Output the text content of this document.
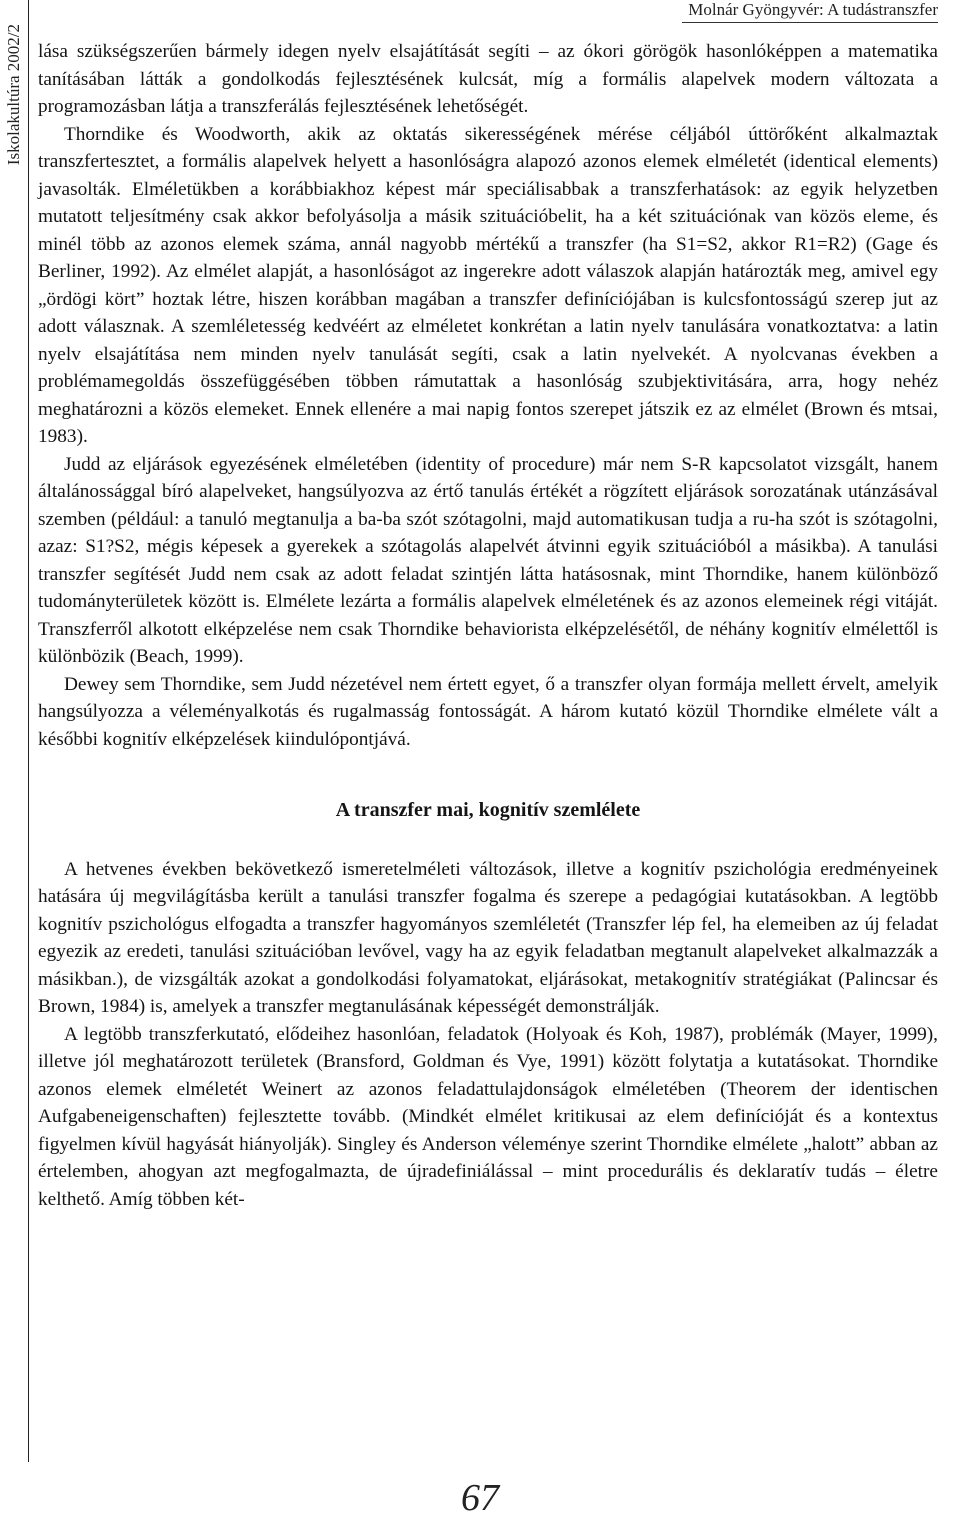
Iskolakultúra 2002/2
Molnár Gyöngyvér: A tudástranszfer

lása szükségszerűen bármely idegen nyelv elsajátítását segíti – az ókori görögök hasonlóképpen a matematika tanításában látták a gondolkodás fejlesztésének kulcsát, míg a formális alapelvek modern változata a programozásban látja a transzferálás fejlesztésének lehetőségét.

Thorndike és Woodworth, akik az oktatás sikerességének mérése céljából úttörőként alkalmaztak transzfertesztet, a formális alapelvek helyett a hasonlóságra alapozó azonos elemek elméletét (identical elements) javasolták. Elméletükben a korábbiakhoz képest már speciálisabbak a transzferhatások: az egyik helyzetben mutatott teljesítmény csak akkor befolyásolja a másik szituációbelit, ha a két szituációnak van közös eleme, és minél több az azonos elemek száma, annál nagyobb mértékű a transzfer (ha S1=S2, akkor R1=R2) (Gage és Berliner, 1992). Az elmélet alapját, a hasonlóságot az ingerekre adott válaszok alapján határozták meg, amivel egy „ördögi kört” hoztak létre, hiszen korábban magában a transzfer definíciójában is kulcsfontosságú szerep jut az adott válasznak. A szemléletesség kedvéért az elméletet konkrétan a latin nyelv tanulására vonatkoztatva: a latin nyelv elsajátítása nem minden nyelv tanulását segíti, csak a latin nyelvekét. A nyolcvanas években a problémamegoldás összefüggésében többen rámutattak a hasonlóság szubjektivitására, arra, hogy nehéz meghatározni a közös elemeket. Ennek ellenére a mai napig fontos szerepet játszik ez az elmélet (Brown és mtsai, 1983).

Judd az eljárások egyezésének elméletében (identity of procedure) már nem S-R kapcsolatot vizsgált, hanem általánossággal bíró alapelveket, hangsúlyozva az értő tanulás értékét a rögzített eljárások sorozatának utánzásával szemben (például: a tanuló megtanulja a ba-ba szót szótagolni, majd automatikusan tudja a ru-ha szót is szótagolni, azaz: S1?S2, mégis képesek a gyerekek a szótagolás alapelvét átvinni egyik szituációból a másikba). A tanulási transzfer segítését Judd nem csak az adott feladat szintjén látta hatásosnak, mint Thorndike, hanem különböző tudományterületek között is. Elmélete lezárta a formális alapelvek elméletének és az azonos elemeinek régi vitáját. Transzferről alkotott elképzelése nem csak Thorndike behaviorista elképzelésétől, de néhány kognitív elmélettől is különbözik (Beach, 1999).

Dewey sem Thorndike, sem Judd nézetével nem értett egyet, ő a transzfer olyan formája mellett érvelt, amelyik hangsúlyozza a véleményalkotás és rugalmasság fontosságát. A három kutató közül Thorndike elmélete vált a későbbi kognitív elképzelések kiindulópontjává.

A transzfer mai, kognitív szemlélete

A hetvenes években bekövetkező ismeretelméleti változások, illetve a kognitív pszichológia eredményeinek hatására új megvilágításba került a tanulási transzfer fogalma és szerepe a pedagógiai kutatásokban. A legtöbb kognitív pszichológus elfogadta a transzfer hagyományos szemléletét (Transzfer lép fel, ha elemeiben az új feladat egyezik az eredeti, tanulási szituációban levővel, vagy ha az egyik feladatban megtanult alapelveket alkalmazzák a másikban.), de vizsgálták azokat a gondolkodási folyamatokat, eljárásokat, metakognitív stratégiákat (Palincsar és Brown, 1984) is, amelyek a transzfer megtanulásának képességét demonstrálják.

A legtöbb transzferkutató, elődeihez hasonlóan, feladatok (Holyoak és Koh, 1987), problémák (Mayer, 1999), illetve jól meghatározott területek (Bransford, Goldman és Vye, 1991) között folytatja a kutatásokat. Thorndike azonos elemek elméletét Weinert az azonos feladattulajdonságok elméletében (Theorem der identischen Aufgabeneigenschaften) fejlesztette tovább. (Mindkét elmélet kritikusai az elem definícióját és a kontextus figyelmen kívül hagyását hiányolják). Singley és Anderson véleménye szerint Thorndike elmélete „halott” abban az értelemben, ahogyan azt megfogalmazta, de újradefiniálással – mint procedurális és deklaratív tudás – életre kelthető. Amíg többen két-

67
